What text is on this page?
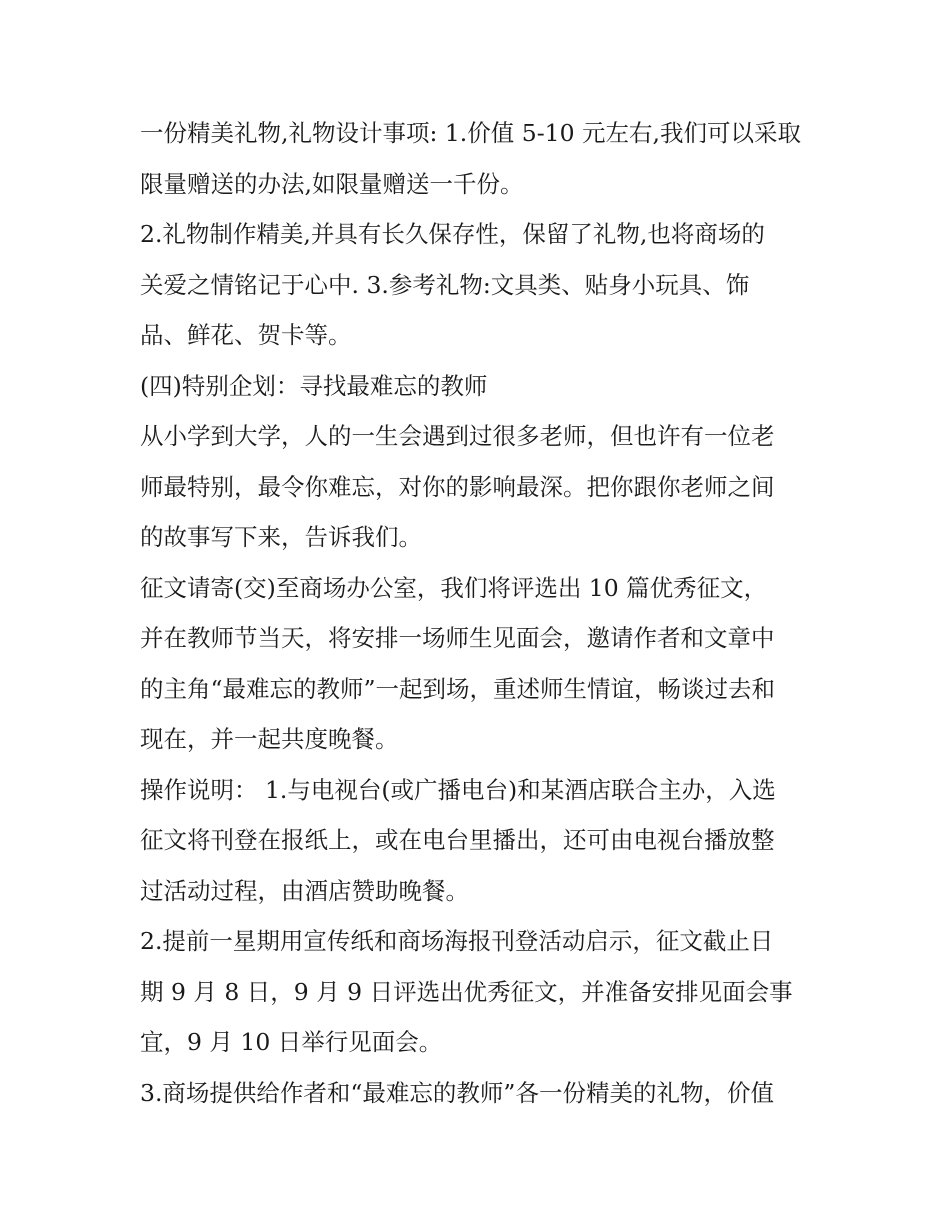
一份精美礼物,礼物设计事项: 1.价值 5-10 元左右,我们可以采取
限量赠送的办法,如限量赠送一千份。
2.礼物制作精美,并具有长久保存性，保留了礼物,也将商场的
关爱之情铭记于心中. 3.参考礼物:文具类、贴身小玩具、饰
品、鲜花、贺卡等。
(四)特别企划：寻找最难忘的教师
从小学到大学，人的一生会遇到过很多老师，但也许有一位老
师最特别，最令你难忘，对你的影响最深。把你跟你老师之间
的故事写下来，告诉我们。
征文请寄(交)至商场办公室，我们将评选出 10 篇优秀征文，
并在教师节当天，将安排一场师生见面会，邀请作者和文章中
的主角“最难忘的教师”一起到场，重述师生情谊，畅谈过去和
现在，并一起共度晚餐。
操作说明： 1.与电视台(或广播电台)和某酒店联合主办，入选
征文将刊登在报纸上，或在电台里播出，还可由电视台播放整
过活动过程，由酒店赞助晚餐。
2.提前一星期用宣传纸和商场海报刊登活动启示，征文截止日
期 9 月 8 日，9 月 9 日评选出优秀征文，并准备安排见面会事
宜，9 月 10 日举行见面会。
3.商场提供给作者和“最难忘的教师”各一份精美的礼物，价值
